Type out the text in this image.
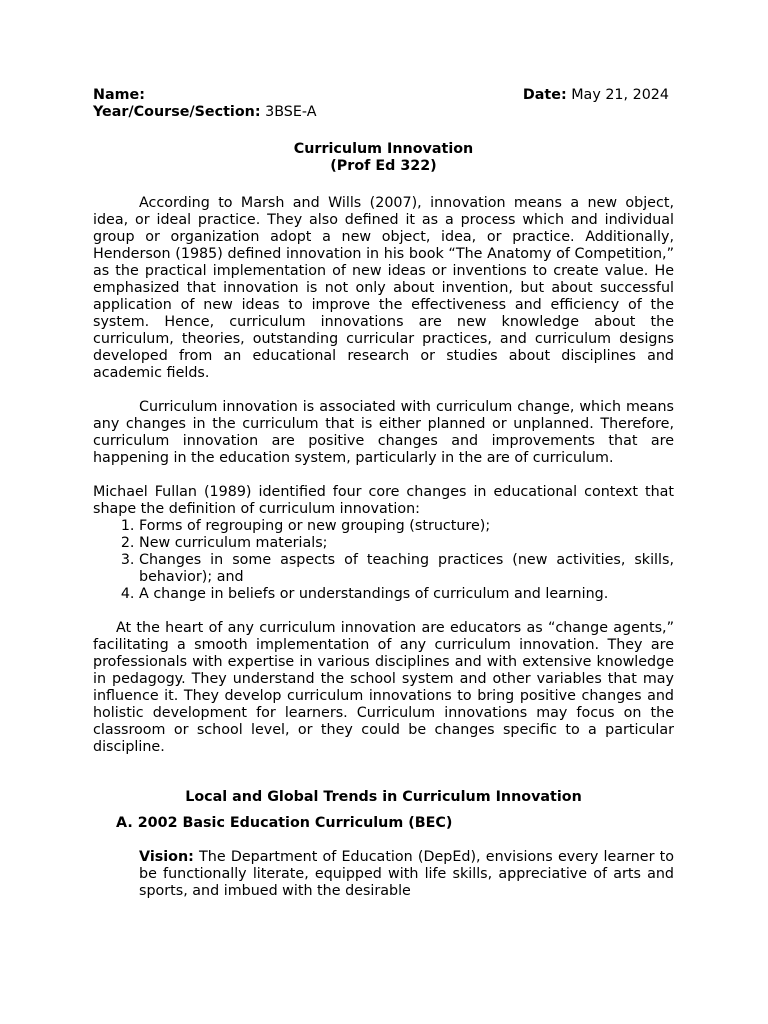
Name:	Date: May 21, 2024
Year/Course/Section: 3BSE-A
Curriculum Innovation
(Prof Ed 322)

According to Marsh and Wills (2007), innovation means a new object, idea, or ideal practice. They also defined it as a process which and individual group or organization adopt a new object, idea, or practice. Additionally, Henderson (1985) defined innovation in his book “The Anatomy of Competition,” as the practical implementation of new ideas or inventions to create value. He emphasized that innovation is not only about invention, but about successful application of new ideas to improve the effectiveness and efficiency of the system. Hence, curriculum innovations are new knowledge about the curriculum, theories, outstanding curricular practices, and curriculum designs developed from an educational research or studies about disciplines and academic fields.

Curriculum innovation is associated with curriculum change, which means any changes in the curriculum that is either planned or unplanned. Therefore, curriculum innovation are positive changes and improvements that are happening in the education system, particularly in the are of curriculum.

Michael Fullan (1989) identified four core changes in educational context that shape the definition of curriculum innovation:

1. Forms of regrouping or new grouping (structure);
2. New curriculum materials;
3. Changes in some aspects of teaching practices (new activities, skills, behavior); and
4. A change in beliefs or understandings of curriculum and learning.

At the heart of any curriculum innovation are educators as “change agents,” facilitating a smooth implementation of any curriculum innovation. They are professionals with expertise in various disciplines and with extensive knowledge in pedagogy. They understand the school system and other variables that may influence it. They develop curriculum innovations to bring positive changes and holistic development for learners. Curriculum innovations may focus on the classroom or school level, or they could be changes specific to a particular discipline.

Local and Global Trends in Curriculum Innovation
A. 2002 Basic Education Curriculum (BEC)

Vision: The Department of Education (DepEd), envisions every learner to be functionally literate, equipped with life skills, appreciative of arts and sports, and imbued with the desirable
